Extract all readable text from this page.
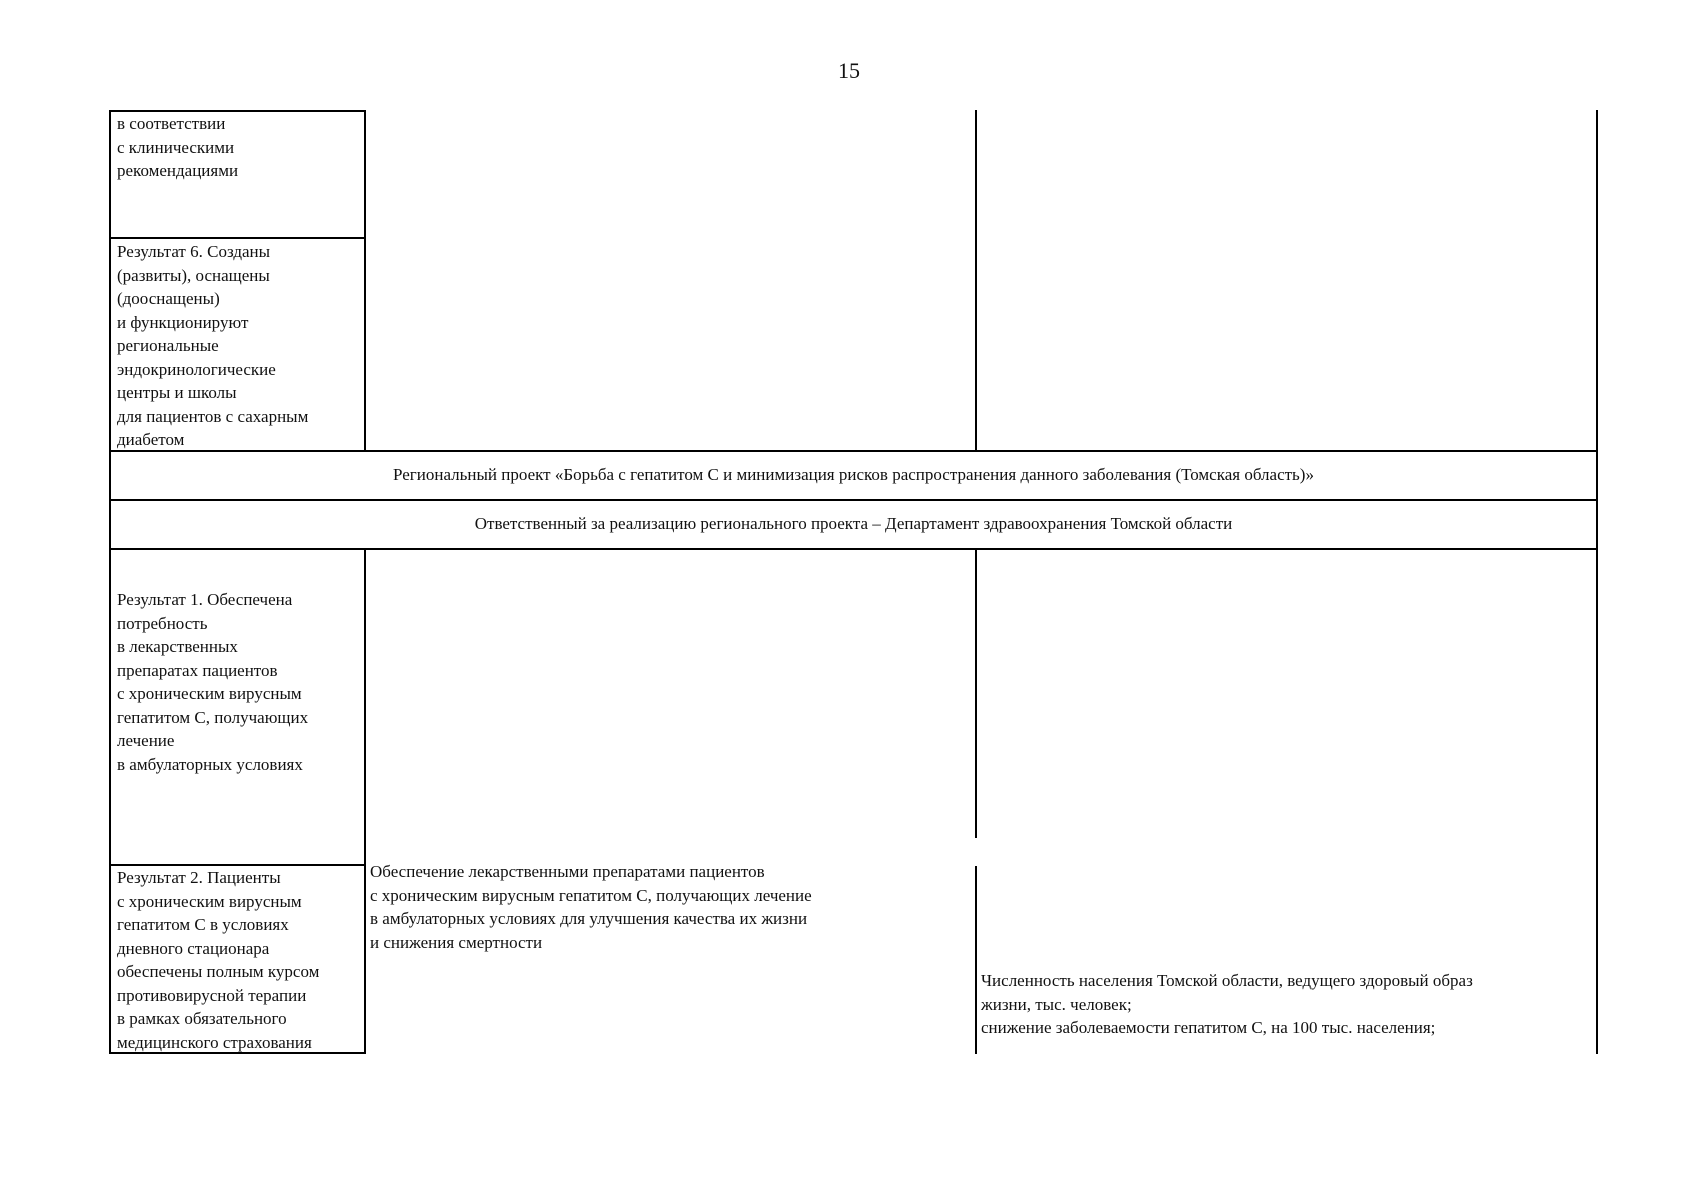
15
в соответствии
с клиническими
рекомендациями
Результат 6. Созданы
(развиты), оснащены
(дооснащены)
и функционируют
региональные
эндокринологические
центры и школы
для пациентов с сахарным
диабетом
Региональный проект «Борьба с гепатитом С и минимизация рисков распространения данного заболевания (Томская область)»
Ответственный за реализацию регионального проекта – Департамент здравоохранения Томской области
Результат 1. Обеспечена
потребность
в лекарственных
препаратах пациентов
с хроническим вирусным
гепатитом С, получающих
лечение
в амбулаторных условиях
Результат 2. Пациенты
с хроническим вирусным
гепатитом С в условиях
дневного стационара
обеспечены полным курсом
противовирусной терапии
в рамках обязательного
медицинского страхования
Обеспечение лекарственными препаратами пациентов
с хроническим вирусным гепатитом С, получающих лечение
в амбулаторных условиях для улучшения качества их жизни
и снижения смертности
Численность населения Томской области, ведущего здоровый образ
жизни, тыс. человек;
снижение заболеваемости гепатитом С, на 100 тыс. населения;
